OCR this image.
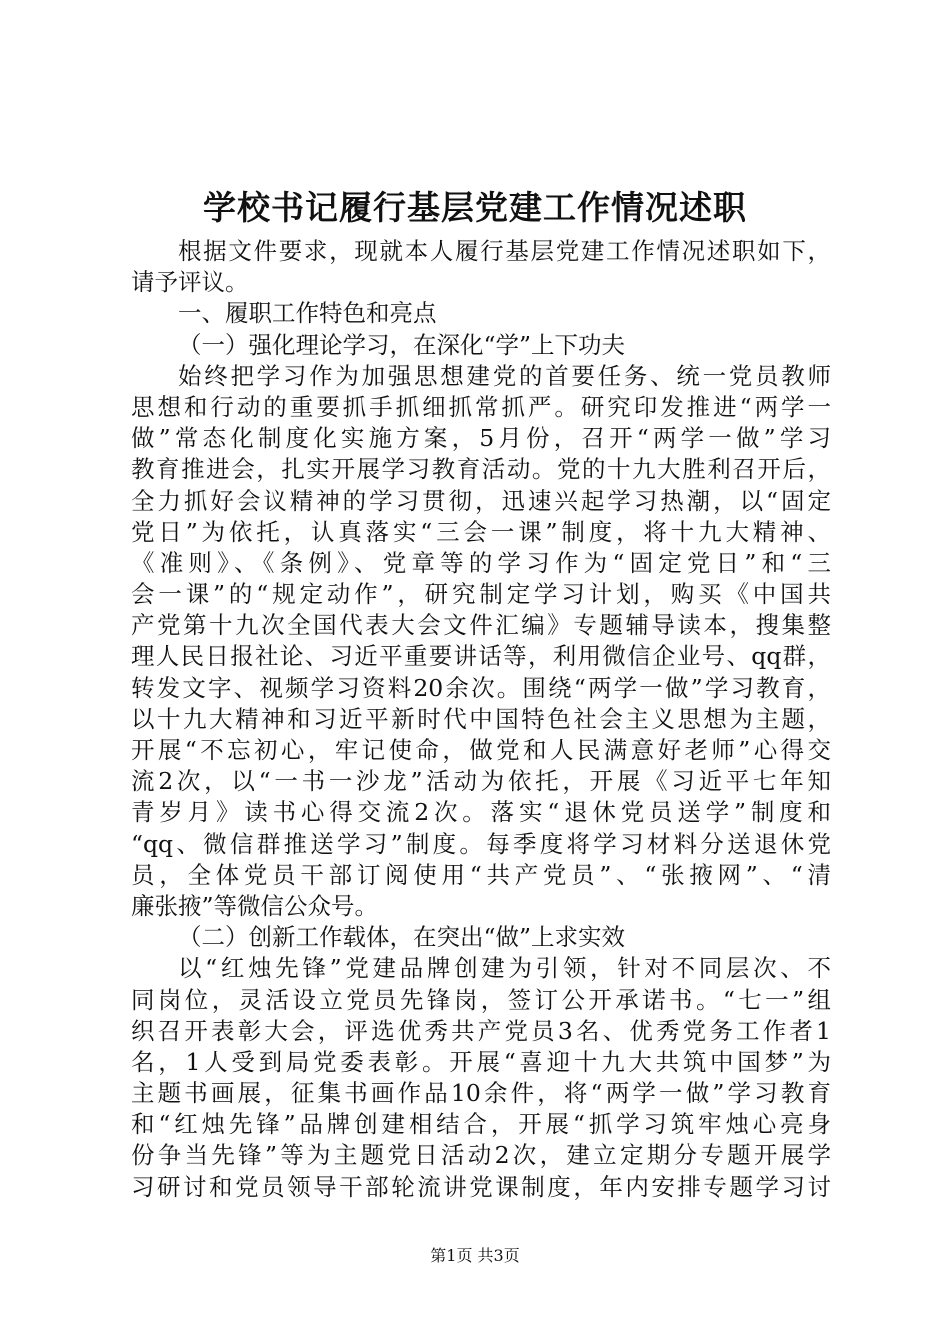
学校书记履行基层党建工作情况述职
根据文件要求，现就本人履行基层党建工作情况述职如下，
请予评议。
一、履职工作特色和亮点
（一）强化理论学习，在深化“学”上下功夫
始终把学习作为加强思想建党的首要任务、统一党员教师
思想和行动的重要抓手抓细抓常抓严。研究印发推进“两学一
做”常态化制度化实施方案，5月份，召开“两学一做”学习
教育推进会，扎实开展学习教育活动。党的十九大胜利召开后，
全力抓好会议精神的学习贯彻，迅速兴起学习热潮，以“固定
党日”为依托，认真落实“三会一课”制度，将十九大精神、
《准则》、《条例》、党章等的学习作为“固定党日”和“三
会一课”的“规定动作”，研究制定学习计划，购买《中国共
产党第十九次全国代表大会文件汇编》专题辅导读本，搜集整
理人民日报社论、习近平重要讲话等，利用微信企业号、qq群，
转发文字、视频学习资料20余次。围绕“两学一做”学习教育，
以十九大精神和习近平新时代中国特色社会主义思想为主题，
开展“不忘初心，牢记使命，做党和人民满意好老师”心得交
流2次，以“一书一沙龙”活动为依托，开展《习近平七年知
青岁月》读书心得交流2次。落实“退休党员送学”制度和
“qq、微信群推送学习”制度。每季度将学习材料分送退休党
员，全体党员干部订阅使用“共产党员”、“张掖网”、“清
廉张掖”等微信公众号。
（二）创新工作载体，在突出“做”上求实效
以“红烛先锋”党建品牌创建为引领，针对不同层次、不
同岗位，灵活设立党员先锋岗，签订公开承诺书。“七一”组
织召开表彰大会，评选优秀共产党员3名、优秀党务工作者1
名，1人受到局党委表彰。开展“喜迎十九大共筑中国梦”为
主题书画展，征集书画作品10余件，将“两学一做”学习教育
和“红烛先锋”品牌创建相结合，开展“抓学习筑牢烛心亮身
份争当先锋”等为主题党日活动2次，建立定期分专题开展学
习研讨和党员领导干部轮流讲党课制度，年内安排专题学习讨
第1页 共3页
